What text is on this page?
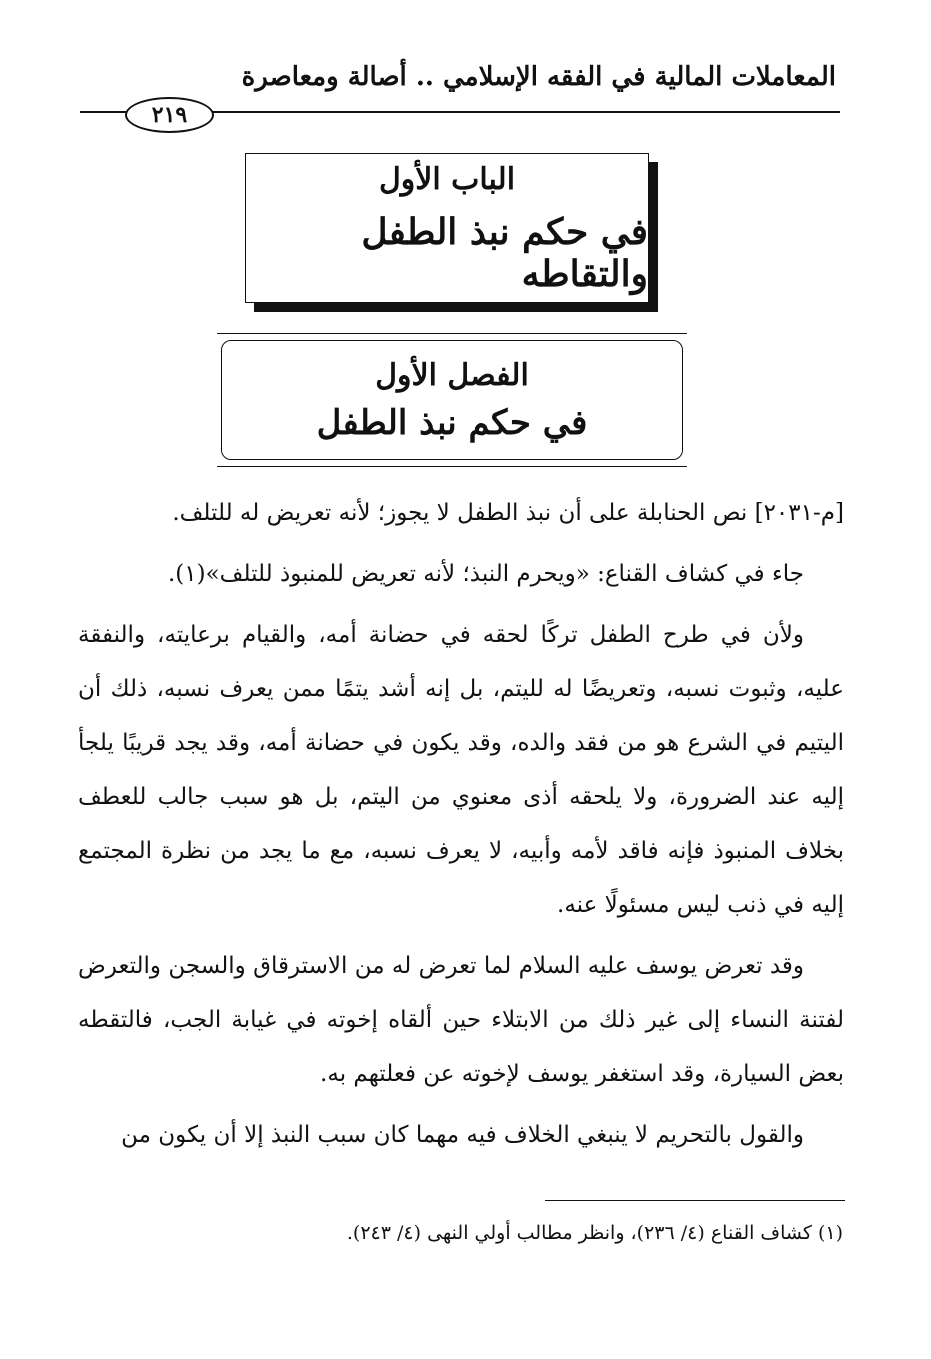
المعاملات المالية في الفقه الإسلامي .. أصالة ومعاصرة
٢١٩
الباب الأول
في حكم نبذ الطفل والتقاطه
الفصل الأول
في حكم نبذ الطفل

[م-٢٠٣١] نص الحنابلة على أن نبذ الطفل لا يجوز؛ لأنه تعريض له للتلف.

جاء في كشاف القناع: «ويحرم النبذ؛ لأنه تعريض للمنبوذ للتلف»(١).

ولأن في طرح الطفل تركًا لحقه في حضانة أمه، والقيام برعايته، والنفقة عليه، وثبوت نسبه، وتعريضًا له لليتم، بل إنه أشد يتمًا ممن يعرف نسبه، ذلك أن اليتيم في الشرع هو من فقد والده، وقد يكون في حضانة أمه، وقد يجد قريبًا يلجأ إليه عند الضرورة، ولا يلحقه أذى معنوي من اليتم، بل هو سبب جالب للعطف بخلاف المنبوذ فإنه فاقد لأمه وأبيه، لا يعرف نسبه، مع ما يجد من نظرة المجتمع إليه في ذنب ليس مسئولًا عنه.

وقد تعرض يوسف عليه السلام لما تعرض له من الاسترقاق والسجن والتعرض لفتنة النساء إلى غير ذلك من الابتلاء حين ألقاه إخوته في غيابة الجب، فالتقطه بعض السيارة، وقد استغفر يوسف لإخوته عن فعلتهم به.

والقول بالتحريم لا ينبغي الخلاف فيه مهما كان سبب النبذ إلا أن يكون من

(١) كشاف القناع (٤/ ٢٣٦)، وانظر مطالب أولي النهى (٤/ ٢٤٣).
